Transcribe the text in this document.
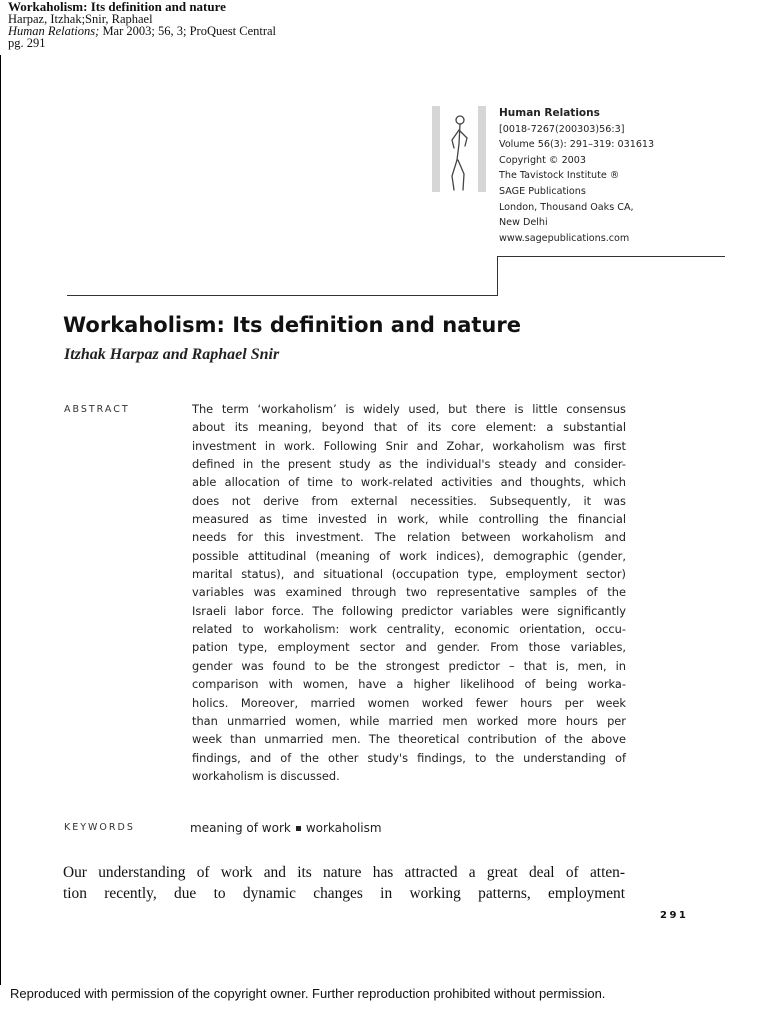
Workaholism: Its definition and nature
Harpaz, Itzhak;Snir, Raphael
Human Relations; Mar 2003; 56, 3; ProQuest Central
pg. 291
Human Relations
[0018-7267(200303)56:3]
Volume 56(3): 291–319: 031613
Copyright © 2003
The Tavistock Institute ®
SAGE Publications
London, Thousand Oaks CA,
New Delhi
www.sagepublications.com
Workaholism: Its definition and nature
Itzhak Harpaz and Raphael Snir
ABSTRACT	The term ‘workaholism’ is widely used, but there is little consensus
about its meaning, beyond that of its core element: a substantial
investment in work. Following Snir and Zohar, workaholism was first
defined in the present study as the individual's steady and consider-
able allocation of time to work-related activities and thoughts, which
does not derive from external necessities. Subsequently, it was
measured as time invested in work, while controlling the financial
needs for this investment. The relation between workaholism and
possible attitudinal (meaning of work indices), demographic (gender,
marital status), and situational (occupation type, employment sector)
variables was examined through two representative samples of the
Israeli labor force. The following predictor variables were significantly
related to workaholism: work centrality, economic orientation, occu-
pation type, employment sector and gender. From those variables,
gender was found to be the strongest predictor – that is, men, in
comparison with women, have a higher likelihood of being worka-
holics. Moreover, married women worked fewer hours per week
than unmarried women, while married men worked more hours per
week than unmarried men. The theoretical contribution of the above
findings, and of the other study's findings, to the understanding of
workaholism is discussed.
KEYWORDS	meaning of work workaholism
Our understanding of work and its nature has attracted a great deal of atten-
tion recently, due to dynamic changes in working patterns, employment
291
Reproduced with permission of the copyright owner. Further reproduction prohibited without permission.
